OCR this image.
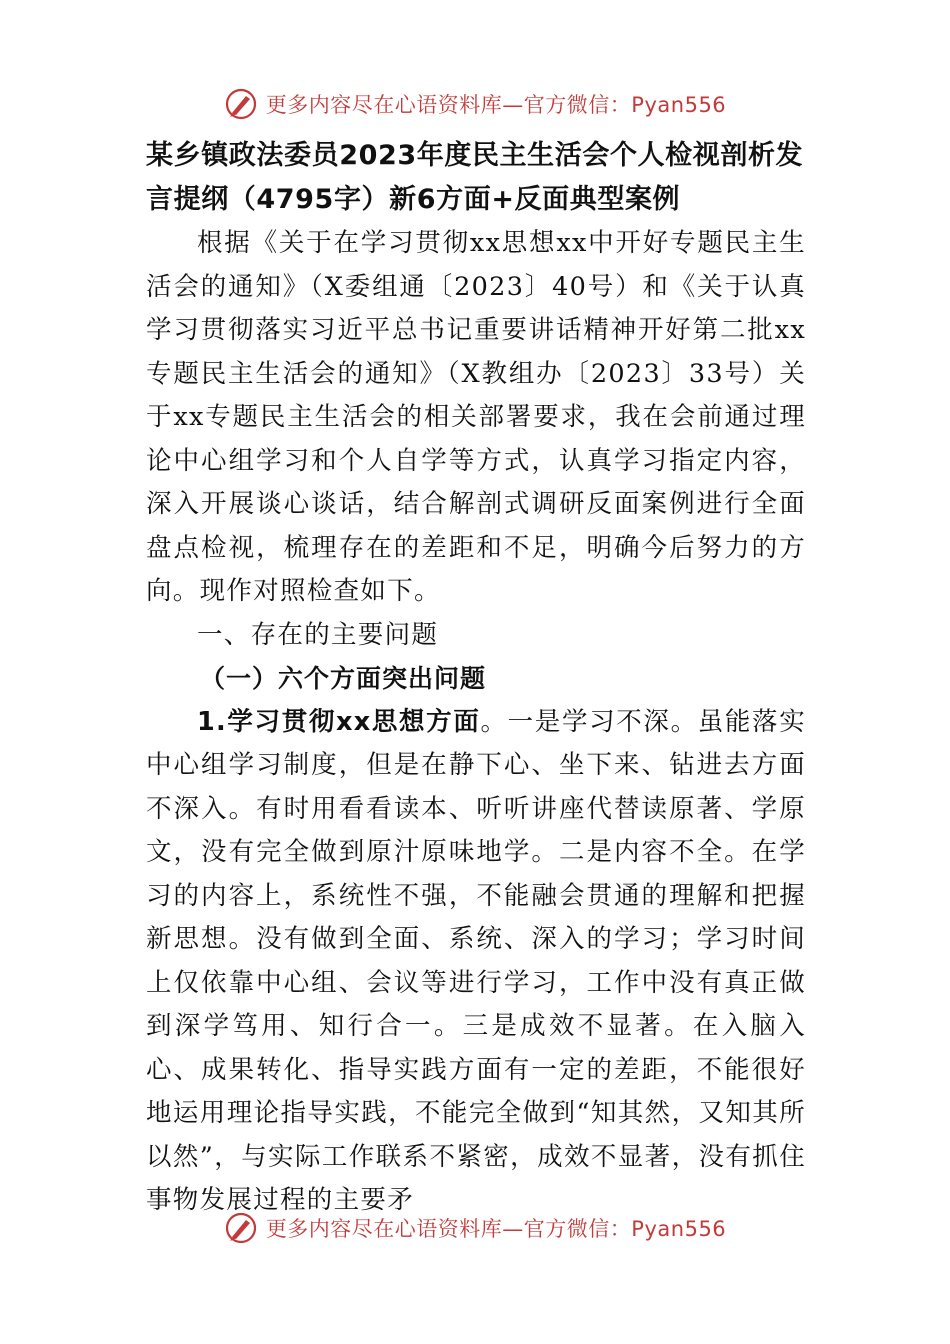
更多内容尽在心语资料库—官方微信：Pyan556
某乡镇政法委员2023年度民主生活会个人检视剖析发言提纲（4795字）新6方面+反面典型案例

根据《关于在学习贯彻xx思想xx中开好专题民主生活会的通知》（X委组通〔2023〕40号）和《关于认真学习贯彻落实习近平总书记重要讲话精神开好第二批xx专题民主生活会的通知》（X教组办〔2023〕33号）关于xx专题民主生活会的相关部署要求，我在会前通过理论中心组学习和个人自学等方式，认真学习指定内容，深入开展谈心谈话，结合解剖式调研反面案例进行全面盘点检视，梳理存在的差距和不足，明确今后努力的方向。现作对照检查如下。

一、存在的主要问题

（一）六个方面突出问题

1.学习贯彻xx思想方面。一是学习不深。虽能落实中心组学习制度，但是在静下心、坐下来、钻进去方面不深入。有时用看看读本、听听讲座代替读原著、学原文，没有完全做到原汁原味地学。二是内容不全。在学习的内容上，系统性不强，不能融会贯通的理解和把握新思想。没有做到全面、系统、深入的学习；学习时间上仅依靠中心组、会议等进行学习，工作中没有真正做到深学笃用、知行合一。三是成效不显著。在入脑入心、成果转化、指导实践方面有一定的差距，不能很好地运用理论指导实践，不能完全做到“知其然，又知其所以然”，与实际工作联系不紧密，成效不显著，没有抓住事物发展过程的主要矛

更多内容尽在心语资料库—官方微信：Pyan556
